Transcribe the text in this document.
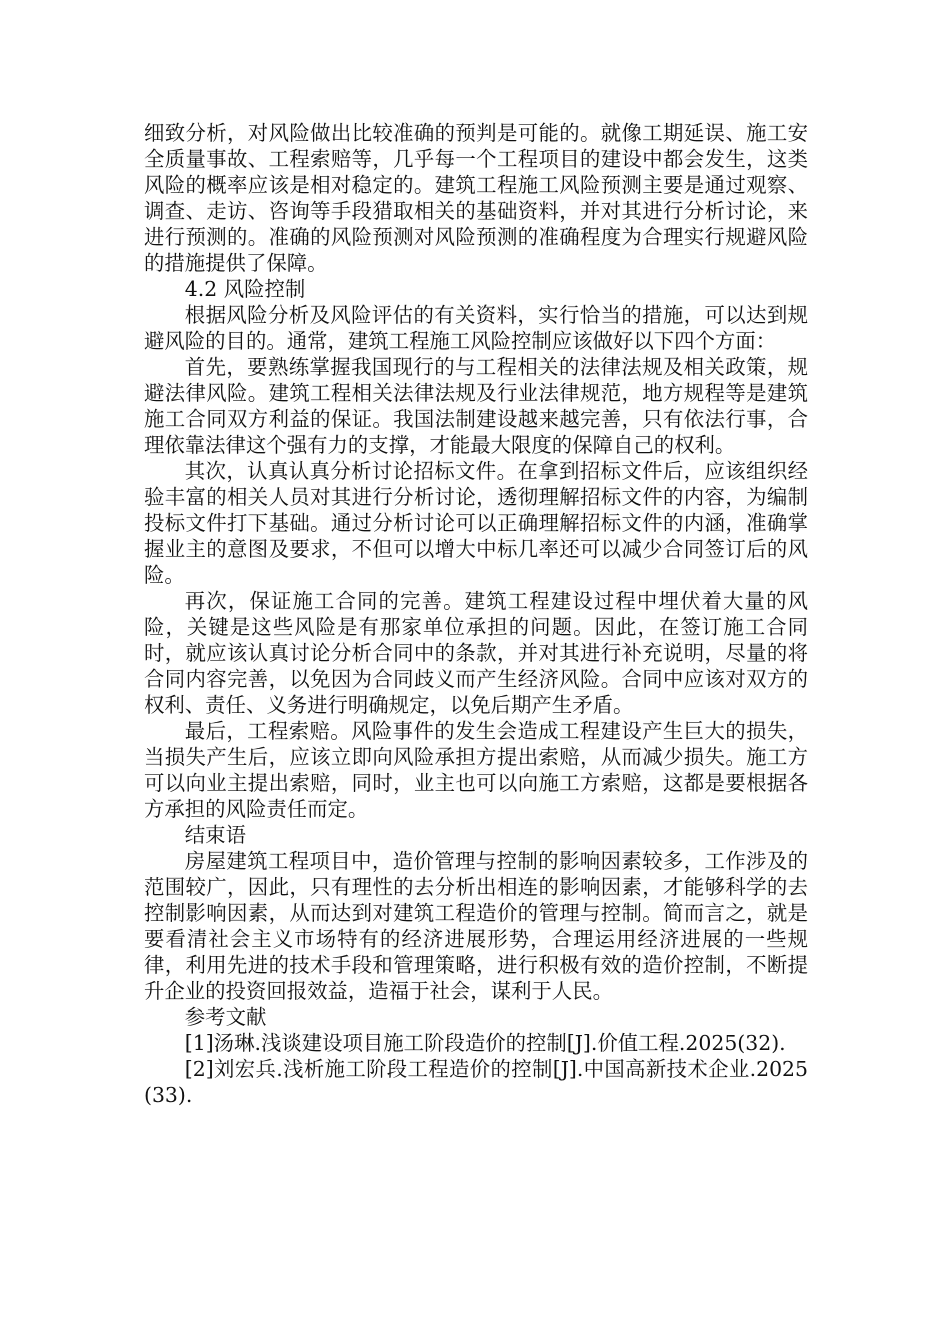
细致分析，对风险做出比较准确的预判是可能的。就像工期延误、施工安全质量事故、工程索赔等，几乎每一个工程项目的建设中都会发生，这类风险的概率应该是相对稳定的。建筑工程施工风险预测主要是通过观察、调查、走访、咨询等手段猎取相关的基础资料，并对其进行分析讨论，来进行预测的。准确的风险预测对风险预测的准确程度为合理实行规避风险的措施提供了保障。

4.2 风险控制

根据风险分析及风险评估的有关资料，实行恰当的措施，可以达到规避风险的目的。通常，建筑工程施工风险控制应该做好以下四个方面：

首先，要熟练掌握我国现行的与工程相关的法律法规及相关政策，规避法律风险。建筑工程相关法律法规及行业法律规范，地方规程等是建筑施工合同双方利益的保证。我国法制建设越来越完善，只有依法行事，合理依靠法律这个强有力的支撑，才能最大限度的保障自己的权利。

其次，认真认真分析讨论招标文件。在拿到招标文件后，应该组织经验丰富的相关人员对其进行分析讨论，透彻理解招标文件的内容，为编制投标文件打下基础。通过分析讨论可以正确理解招标文件的内涵，准确掌握业主的意图及要求，不但可以增大中标几率还可以减少合同签订后的风险。

再次，保证施工合同的完善。建筑工程建设过程中埋伏着大量的风险，关键是这些风险是有那家单位承担的问题。因此，在签订施工合同时，就应该认真讨论分析合同中的条款，并对其进行补充说明，尽量的将合同内容完善，以免因为合同歧义而产生经济风险。合同中应该对双方的权利、责任、义务进行明确规定，以免后期产生矛盾。

最后，工程索赔。风险事件的发生会造成工程建设产生巨大的损失，当损失产生后，应该立即向风险承担方提出索赔，从而减少损失。施工方可以向业主提出索赔，同时，业主也可以向施工方索赔，这都是要根据各方承担的风险责任而定。

结束语

房屋建筑工程项目中，造价管理与控制的影响因素较多，工作涉及的范围较广，因此，只有理性的去分析出相连的影响因素，才能够科学的去控制影响因素，从而达到对建筑工程造价的管理与控制。简而言之，就是要看清社会主义市场特有的经济进展形势，合理运用经济进展的一些规律，利用先进的技术手段和管理策略，进行积极有效的造价控制，不断提升企业的投资回报效益，造福于社会，谋利于人民。

参考文献

[1]汤琳.浅谈建设项目施工阶段造价的控制[J].价值工程.2025(32).

[2]刘宏兵.浅析施工阶段工程造价的控制[J].中国高新技术企业.2025(33).
